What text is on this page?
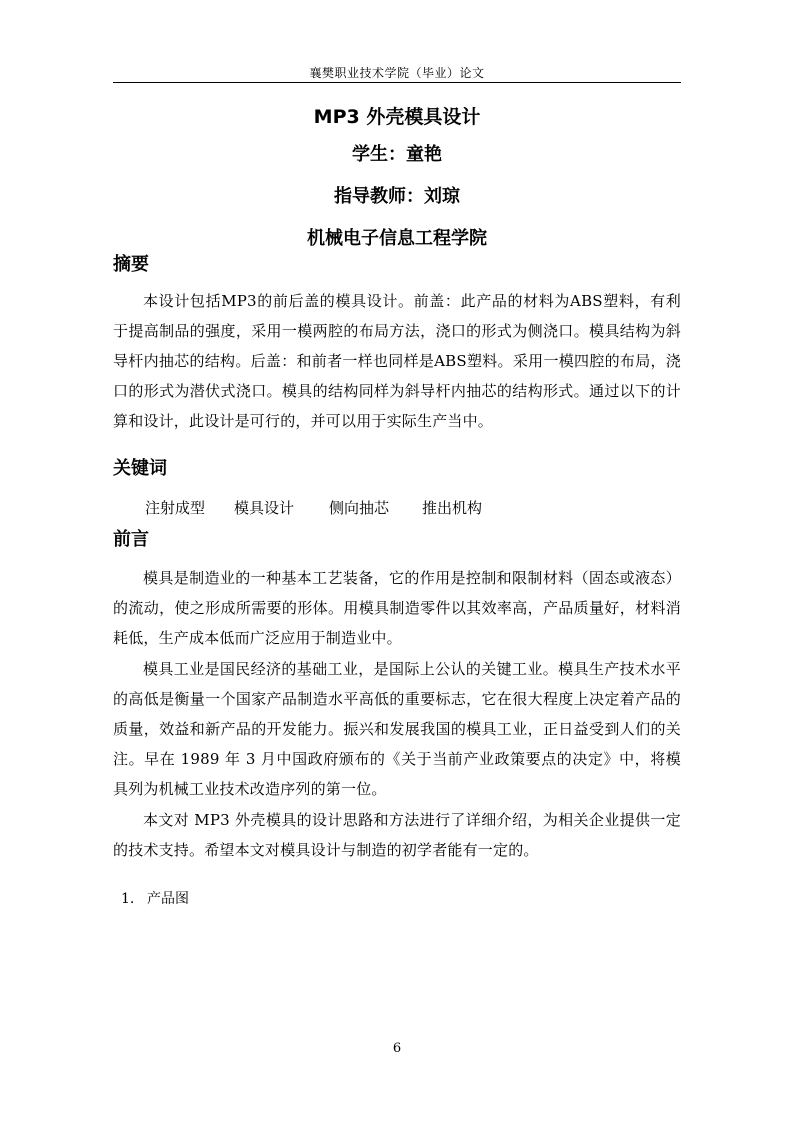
襄樊职业技术学院（毕业）论文
MP3 外壳模具设计
学生：童艳
指导教师：刘琼
机械电子信息工程学院
摘要
本设计包括MP3的前后盖的模具设计。前盖：此产品的材料为ABS塑料，有利于提高制品的强度，采用一模两腔的布局方法，浇口的形式为侧浇口。模具结构为斜导杆内抽芯的结构。后盖：和前者一样也同样是ABS塑料。采用一模四腔的布局，浇口的形式为潜伏式浇口。模具的结构同样为斜导杆内抽芯的结构形式。通过以下的计算和设计，此设计是可行的，并可以用于实际生产当中。
关键词
注射成型	模具设计	侧向抽芯	推出机构
前言
模具是制造业的一种基本工艺装备，它的作用是控制和限制材料（固态或液态）的流动，使之形成所需要的形体。用模具制造零件以其效率高，产品质量好，材料消耗低，生产成本低而广泛应用于制造业中。
模具工业是国民经济的基础工业，是国际上公认的关键工业。模具生产技术水平的高低是衡量一个国家产品制造水平高低的重要标志，它在很大程度上决定着产品的质量，效益和新产品的开发能力。振兴和发展我国的模具工业，正日益受到人们的关注。早在 1989 年 3 月中国政府颁布的《关于当前产业政策要点的决定》中，将模具列为机械工业技术改造序列的第一位。
本文对 MP3 外壳模具的设计思路和方法进行了详细介绍，为相关企业提供一定的技术支持。希望本文对模具设计与制造的初学者能有一定的。
1. 产品图
6
